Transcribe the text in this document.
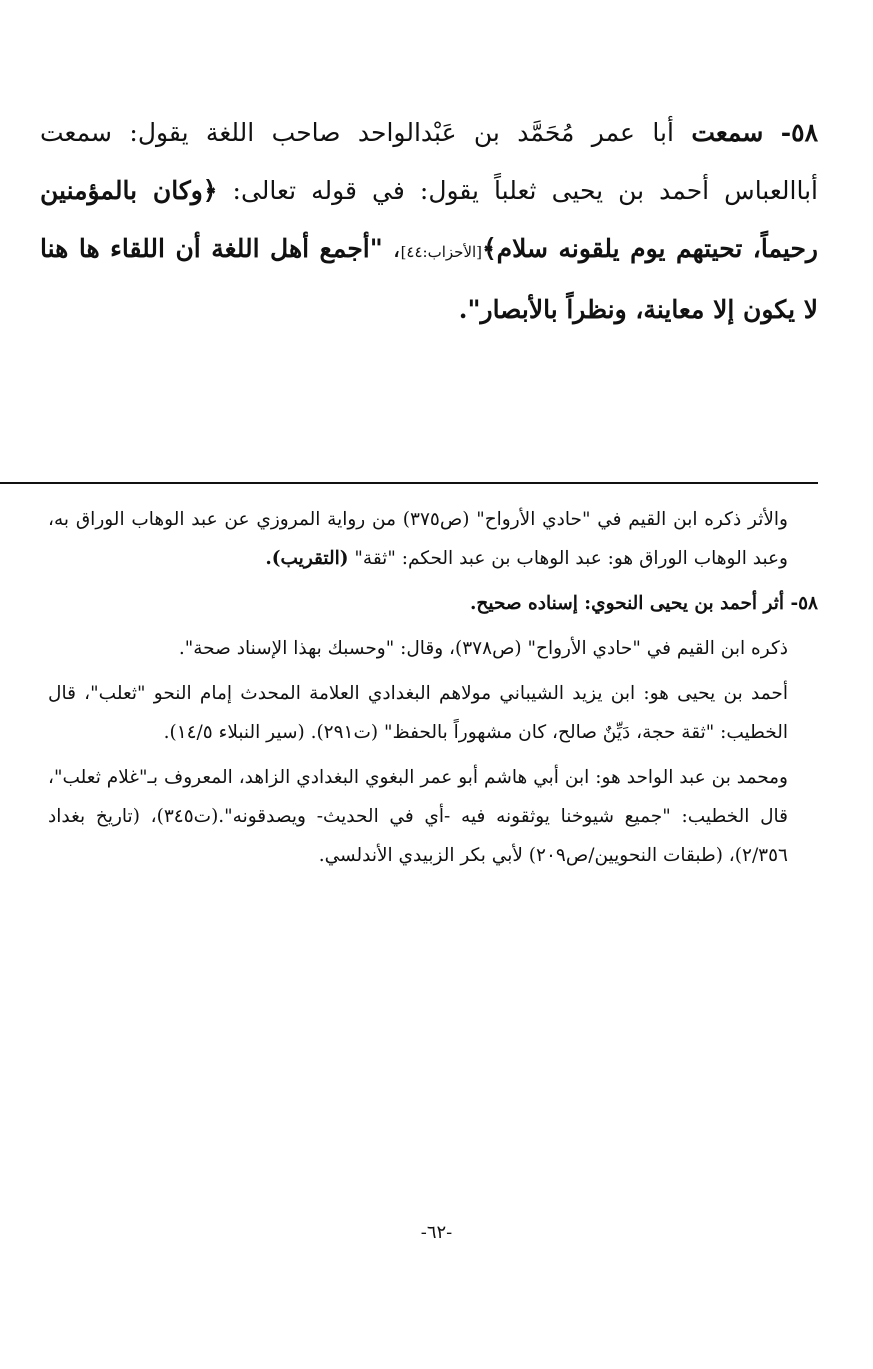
٥٨- سمعت أبا عمر مُحَمَّد بن عَبْدالواحد صاحب اللغة يقول: سمعت أباالعباس أحمد بن يحيى ثعلباً يقول: في قوله تعالى: ﴿وكان بالمؤمنين رحيماً، تحيتهم يوم يلقونه سلام﴾[الأحزاب:٤٤]، "أجمع أهل اللغة أن اللقاء ها هنا لا يكون إلا معاينة، ونظراً بالأبصار".
والأثر ذكره ابن القيم في "حادي الأرواح" (ص٣٧٥) من رواية المروزي عن عبد الوهاب الوراق به، وعبد الوهاب الوراق هو: عبد الوهاب بن عبد الحكم: "ثقة" (التقريب).
٥٨- أثر أحمد بن يحيى النحوي: إسناده صحيح.
ذكره ابن القيم في "حادي الأرواح" (ص٣٧٨)، وقال: "وحسبك بهذا الإسناد صحة".
أحمد بن يحيى هو: ابن يزيد الشيباني مولاهم البغدادي العلامة المحدث إمام النحو "ثعلب"، قال الخطيب: "ثقة حجة، دَيِّنٌ صالح، كان مشهوراً بالحفظ" (ت٢٩١). (سير النبلاء ١٤/٥).
ومحمد بن عبد الواحد هو: ابن أبي هاشم أبو عمر البغوي البغدادي الزاهد، المعروف بـ"غلام ثعلب"، قال الخطيب: "جميع شيوخنا يوثقونه فيه -أي في الحديث- ويصدقونه".(ت٣٤٥)، (تاريخ بغداد ٢/٣٥٦)، (طبقات النحويين/ص٢٠٩) لأبي بكر الزبيدي الأندلسي.
-٦٢-
